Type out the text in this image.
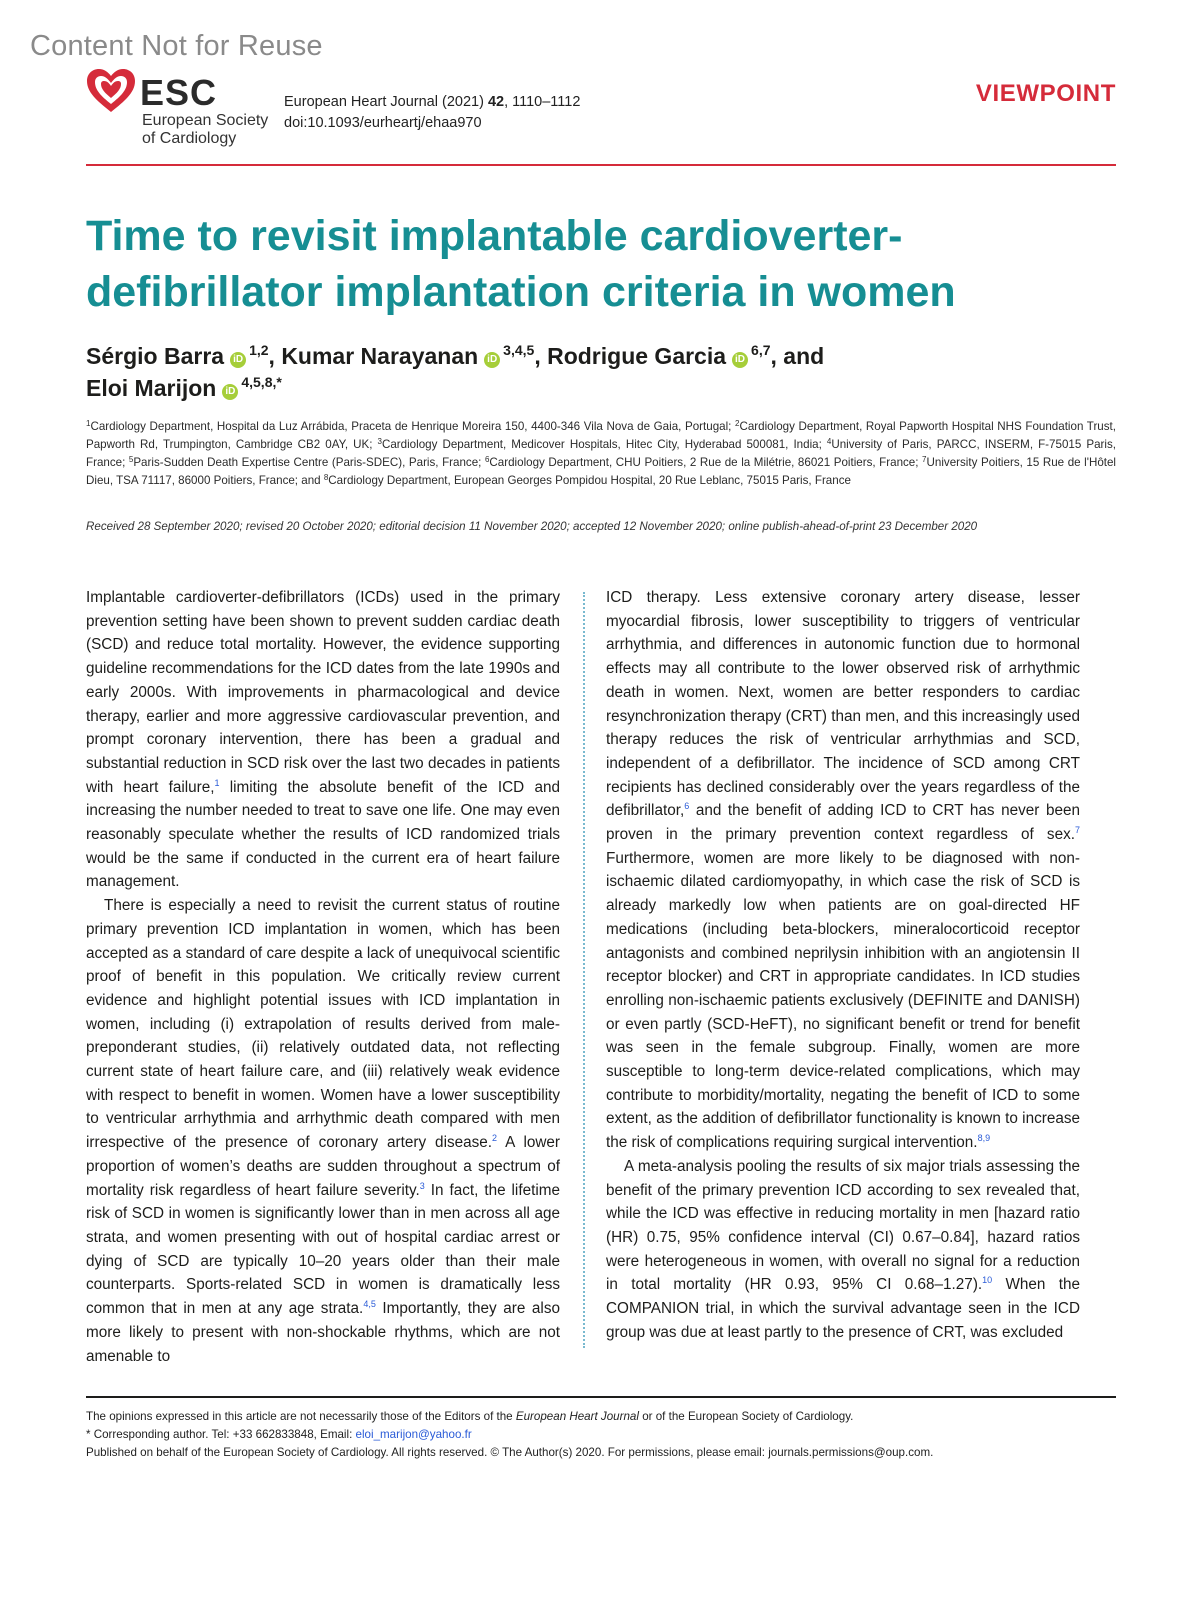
Content Not for Reuse
ESC
European Society
of Cardiology
European Heart Journal (2021) 42, 1110–1112
doi:10.1093/eurheartj/ehaa970
VIEWPOINT
Time to revisit implantable cardioverter-defibrillator implantation criteria in women
Sérgio Barra iD$^{1,2}$, Kumar Narayanan iD$^{3,4,5}$, Rodrigue Garcia iD$^{6,7}$, and
Eloi Marijon $iD^{4,5,8,*}$
$^1$Cardiology Department, Hospital da Luz Arrábida, Praceta de Henrique Moreira 150, 4400-346 Vila Nova de Gaia, Portugal; $^2$Cardiology Department, Royal Papworth Hospital NHS Foundation Trust, Papworth Rd, Trumpington, Cambridge CB2 0AY, UK; $^3$Cardiology Department, Medicover Hospitals, Hitec City, Hyderabad 500081, India; $^4$University of Paris, PARCC, INSERM, F-75015 Paris, France; $^5$Paris-Sudden Death Expertise Centre (Paris-SDEC), Paris, France; $^6$Cardiology Department, CHU Poitiers, 2 Rue de la Milétrie, 86021 Poitiers, France; $^7$University Poitiers, 15 Rue de l'Hôtel Dieu, TSA 71117, 86000 Poitiers, France; and $^8$Cardiology Department, European Georges Pompidou Hospital, 20 Rue Leblanc, 75015 Paris, France
Received 28 September 2020; revised 20 October 2020; editorial decision 11 November 2020; accepted 12 November 2020; online publish-ahead-of-print 23 December 2020

Implantable cardioverter-defibrillators (ICDs) used in the primary prevention setting have been shown to prevent sudden cardiac death (SCD) and reduce total mortality. However, the evidence supporting guideline recommendations for the ICD dates from the late 1990s and early 2000s. With improvements in pharmacological and device therapy, earlier and more aggressive cardiovascular prevention, and prompt coronary intervention, there has been a gradual and substantial reduction in SCD risk over the last two decades in patients with heart failure,$^1$ limiting the absolute benefit of the ICD and increasing the number needed to treat to save one life. One may even reasonably speculate whether the results of ICD randomized trials would be the same if conducted in the current era of heart failure management.

There is especially a need to revisit the current status of routine primary prevention ICD implantation in women, which has been accepted as a standard of care despite a lack of unequivocal scientific proof of benefit in this population. We critically review current evidence and highlight potential issues with ICD implantation in women, including (i) extrapolation of results derived from male-preponderant studies, (ii) relatively outdated data, not reflecting current state of heart failure care, and (iii) relatively weak evidence with respect to benefit in women. Women have a lower susceptibility to ventricular arrhythmia and arrhythmic death compared with men irrespective of the presence of coronary artery disease.$^2$ A lower proportion of women’s deaths are sudden throughout a spectrum of mortality risk regardless of heart failure severity.$^3$ In fact, the lifetime risk of SCD in women is significantly lower than in men across all age strata, and women presenting with out of hospital cardiac arrest or dying of SCD are typically 10–20 years older than their male counterparts. Sports-related SCD in women is dramatically less common that in men at any age strata.$^{4,5}$ Importantly, they are also more likely to present with non-shockable rhythms, which are not amenable to

ICD therapy. Less extensive coronary artery disease, lesser myocardial fibrosis, lower susceptibility to triggers of ventricular arrhythmia, and differences in autonomic function due to hormonal effects may all contribute to the lower observed risk of arrhythmic death in women. Next, women are better responders to cardiac resynchronization therapy (CRT) than men, and this increasingly used therapy reduces the risk of ventricular arrhythmias and SCD, independent of a defibrillator. The incidence of SCD among CRT recipients has declined considerably over the years regardless of the defibrillator,$^6$ and the benefit of adding ICD to CRT has never been proven in the primary prevention context regardless of sex.$^7$ Furthermore, women are more likely to be diagnosed with non-ischaemic dilated cardiomyopathy, in which case the risk of SCD is already markedly low when patients are on goal-directed HF medications (including beta-blockers, mineralocorticoid receptor antagonists and combined neprilysin inhibition with an angiotensin II receptor blocker) and CRT in appropriate candidates. In ICD studies enrolling non-ischaemic patients exclusively (DEFINITE and DANISH) or even partly (SCD-HeFT), no significant benefit or trend for benefit was seen in the female subgroup. Finally, women are more susceptible to long-term device-related complications, which may contribute to morbidity/mortality, negating the benefit of ICD to some extent, as the addition of defibrillator functionality is known to increase the risk of complications requiring surgical intervention.$^{8,9}$

A meta-analysis pooling the results of six major trials assessing the benefit of the primary prevention ICD according to sex revealed that, while the ICD was effective in reducing mortality in men [hazard ratio (HR) 0.75, 95% confidence interval (CI) 0.67–0.84], hazard ratios were heterogeneous in women, with overall no signal for a reduction in total mortality (HR 0.93, 95% CI 0.68–1.27).$^{10}$ When the COMPANION trial, in which the survival advantage seen in the ICD group was due at least partly to the presence of CRT, was excluded

The opinions expressed in this article are not necessarily those of the Editors of the European Heart Journal or of the European Society of Cardiology.
* Corresponding author. Tel: +33 662833848, Email: eloi_marijon@yahoo.fr
Published on behalf of the European Society of Cardiology. All rights reserved. © The Author(s) 2020. For permissions, please email: journals.permissions@oup.com.
